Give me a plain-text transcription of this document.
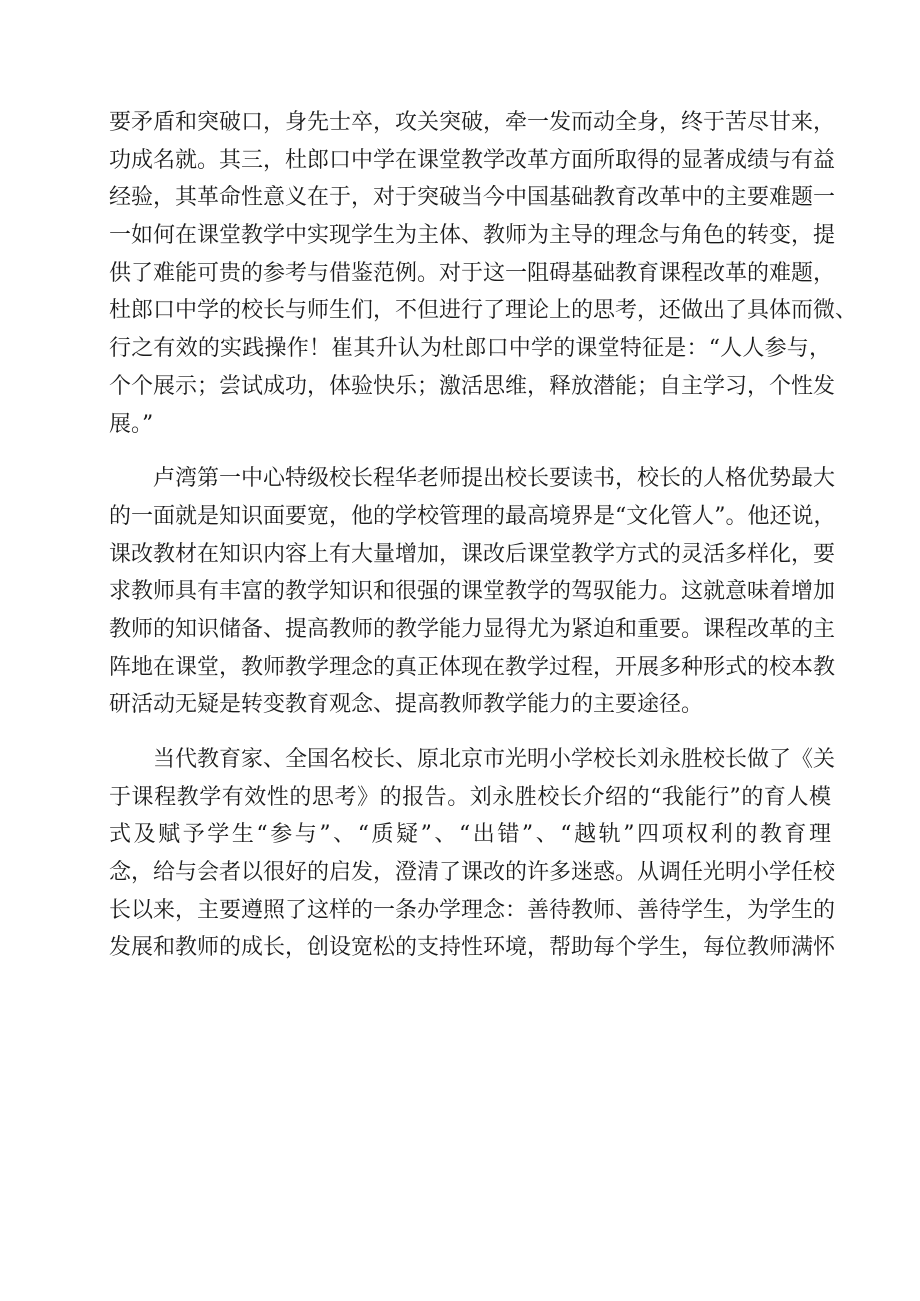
要矛盾和突破口，身先士卒，攻关突破，牵一发而动全身，终于苦尽甘来，
功成名就。其三，杜郎口中学在课堂教学改革方面所取得的显著成绩与有益
经验，其革命性意义在于，对于突破当今中国基础教育改革中的主要难题一
一如何在课堂教学中实现学生为主体、教师为主导的理念与角色的转变，提
供了难能可贵的参考与借鉴范例。对于这一阻碍基础教育课程改革的难题，
杜郎口中学的校长与师生们，不但进行了理论上的思考，还做出了具体而微、
行之有效的实践操作！崔其升认为杜郎口中学的课堂特征是：“人人参与，
个个展示；尝试成功，体验快乐；激活思维，释放潜能；自主学习，个性发
展。”
卢湾第一中心特级校长程华老师提出校长要读书，校长的人格优势最大
的一面就是知识面要宽，他的学校管理的最高境界是“文化管人”。他还说，
课改教材在知识内容上有大量增加，课改后课堂教学方式的灵活多样化，要
求教师具有丰富的教学知识和很强的课堂教学的驾驭能力。这就意味着增加
教师的知识储备、提高教师的教学能力显得尤为紧迫和重要。课程改革的主
阵地在课堂，教师教学理念的真正体现在教学过程，开展多种形式的校本教
研活动无疑是转变教育观念、提高教师教学能力的主要途径。
当代教育家、全国名校长、原北京市光明小学校长刘永胜校长做了《关
于课程教学有效性的思考》的报告。刘永胜校长介绍的“我能行”的育人模
式及赋予学生“参与”、“质疑”、“出错”、“越轨”四项权利的教育理
念，给与会者以很好的启发，澄清了课改的许多迷惑。从调任光明小学任校
长以来，主要遵照了这样的一条办学理念：善待教师、善待学生，为学生的
发展和教师的成长，创设宽松的支持性环境，帮助每个学生，每位教师满怀
